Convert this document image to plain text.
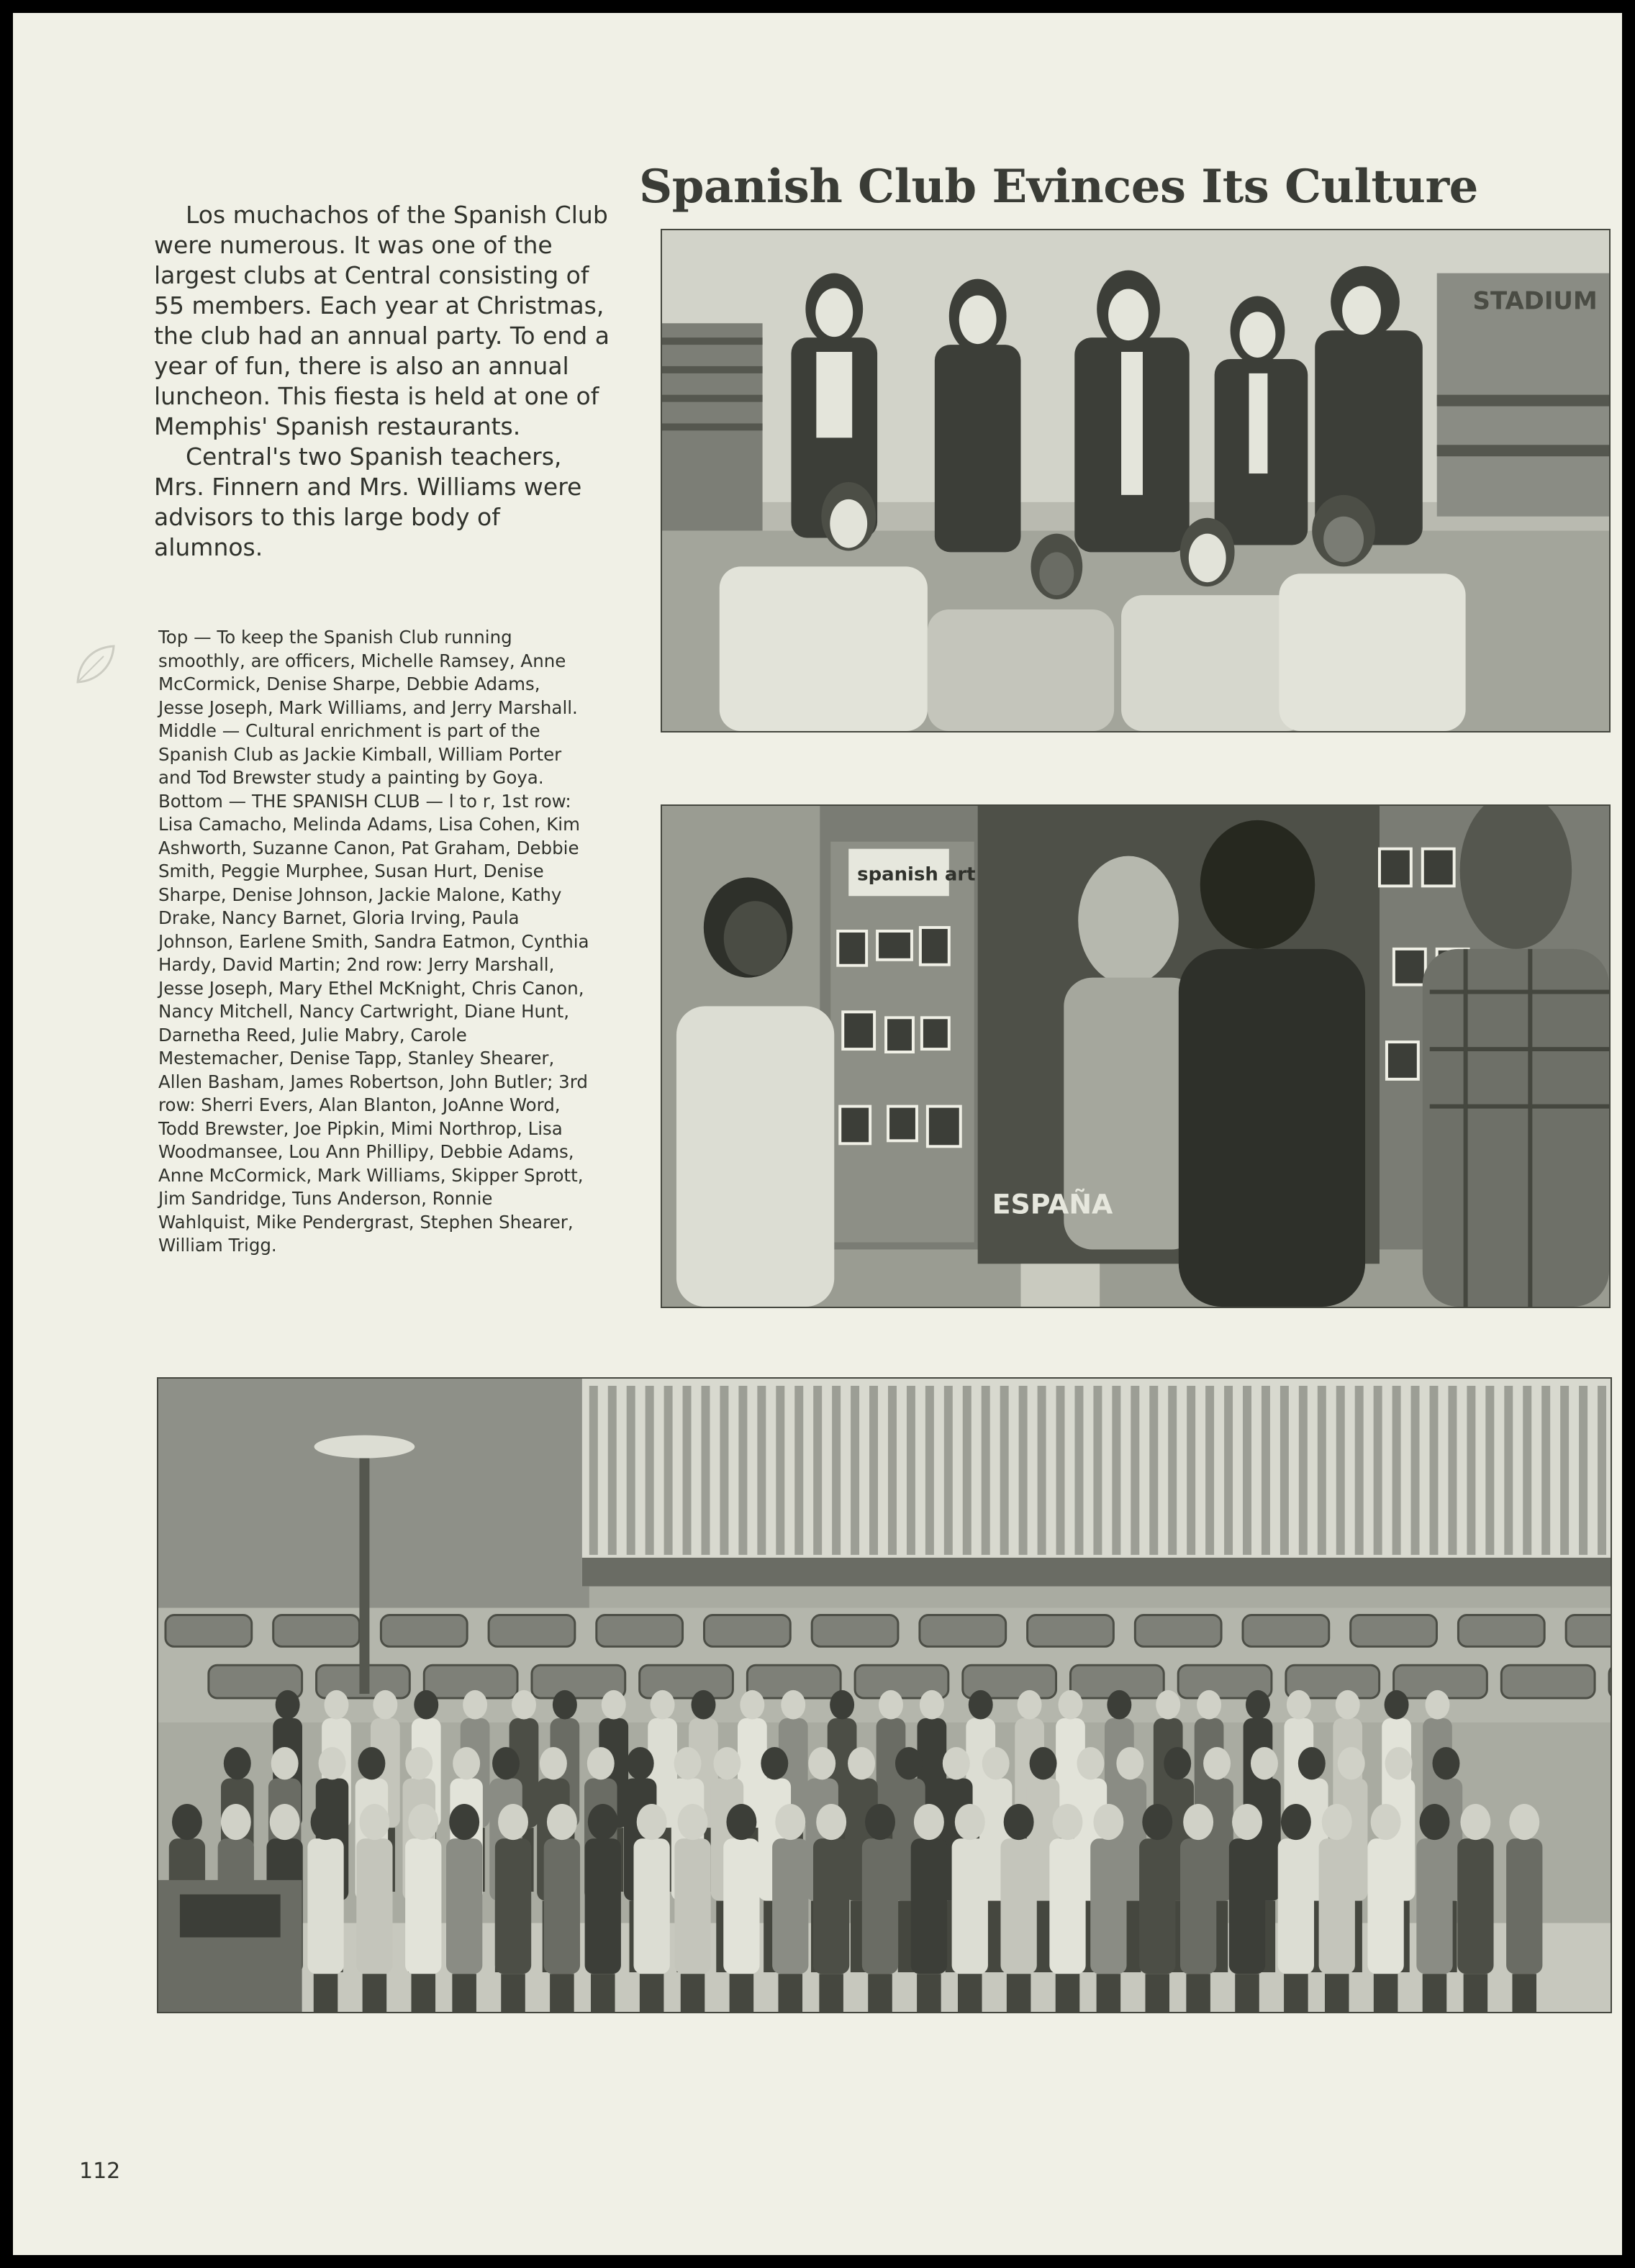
Spanish Club Evinces Its Culture

Los muchachos of the Spanish Club were numerous. It was one of the largest clubs at Central consisting of 55 members. Each year at Christmas, the club had an annual party. To end a year of fun, there is also an annual luncheon. This fiesta is held at one of Memphis' Spanish restaurants.

Central's two Spanish teachers, Mrs. Finnern and Mrs. Williams were advisors to this large body of alumnos.

Top — To keep the Spanish Club running smoothly, are officers, Michelle Ramsey, Anne McCormick, Denise Sharpe, Debbie Adams, Jesse Joseph, Mark Williams, and Jerry Marshall.

Middle — Cultural enrichment is part of the Spanish Club as Jackie Kimball, William Porter and Tod Brewster study a painting by Goya.

Bottom — THE SPANISH CLUB — l to r, 1st row: Lisa Camacho, Melinda Adams, Lisa Cohen, Kim Ashworth, Suzanne Canon, Pat Graham, Debbie Smith, Peggie Murphee, Susan Hurt, Denise Sharpe, Denise Johnson, Jackie Malone, Kathy Drake, Nancy Barnet, Gloria Irving, Paula Johnson, Earlene Smith, Sandra Eatmon, Cynthia Hardy, David Martin; 2nd row: Jerry Marshall, Jesse Joseph, Mary Ethel McKnight, Chris Canon, Nancy Mitchell, Nancy Cartwright, Diane Hunt, Darnetha Reed, Julie Mabry, Carole Mestemacher, Denise Tapp, Stanley Shearer, Allen Basham, James Robertson, John Butler; 3rd row: Sherri Evers, Alan Blanton, JoAnne Word, Todd Brewster, Joe Pipkin, Mimi Northrop, Lisa Woodmansee, Lou Ann Phillipy, Debbie Adams, Anne McCormick, Mark Williams, Skipper Sprott, Jim Sandridge, Tuns Anderson, Ronnie Wahlquist, Mike Pendergrast, Stephen Shearer, William Trigg.

STADIUM
spanish art
ESPAÑA
112
